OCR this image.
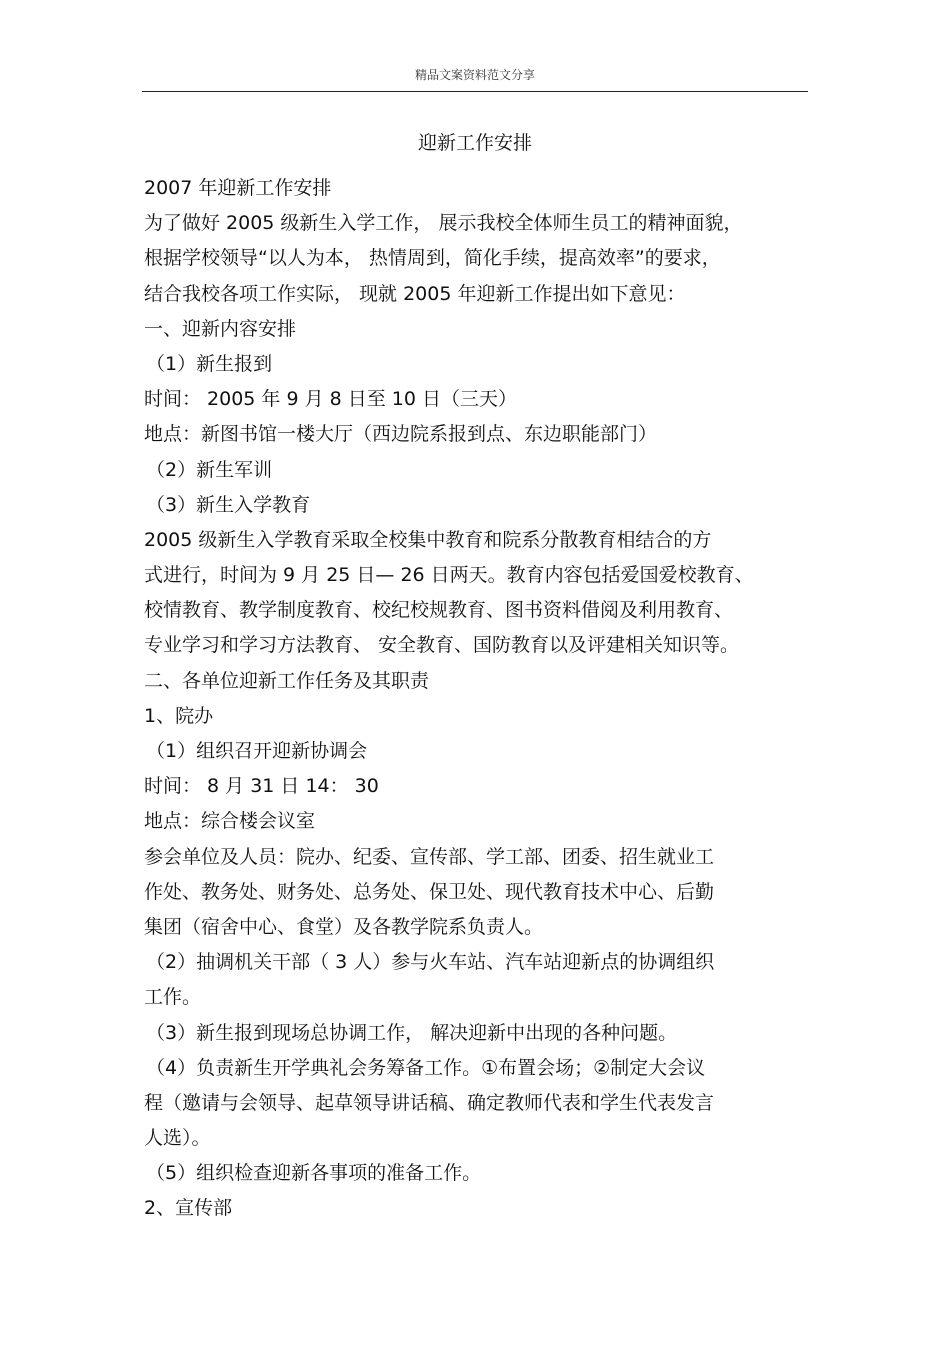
精品文案资料范文分享
迎新工作安排
2007 年迎新工作安排
为了做好 2005 级新生入学工作， 展示我校全体师生员工的精神面貌，
根据学校领导“以人为本， 热情周到，简化手续，提高效率”的要求，
结合我校各项工作实际， 现就 2005 年迎新工作提出如下意见：
一、迎新内容安排
（1）新生报到
时间： 2005 年 9 月 8 日至 10 日（三天）
地点：新图书馆一楼大厅（西边院系报到点、东边职能部门）
（2）新生军训
（3）新生入学教育
2005 级新生入学教育采取全校集中教育和院系分散教育相结合的方
式进行，时间为 9 月 25 日— 26 日两天。教育内容包括爱国爱校教育、
校情教育、教学制度教育、校纪校规教育、图书资料借阅及利用教育、
专业学习和学习方法教育、 安全教育、国防教育以及评建相关知识等。
二、各单位迎新工作任务及其职责
1、院办
（1）组织召开迎新协调会
时间： 8 月 31 日 14： 30
地点：综合楼会议室
参会单位及人员：院办、纪委、宣传部、学工部、团委、招生就业工
作处、教务处、财务处、总务处、保卫处、现代教育技术中心、后勤
集团（宿舍中心、食堂）及各教学院系负责人。
（2）抽调机关干部（ 3 人）参与火车站、汽车站迎新点的协调组织
工作。
（3）新生报到现场总协调工作， 解决迎新中出现的各种问题。
（4）负责新生开学典礼会务筹备工作。①布置会场；②制定大会议
程（邀请与会领导、起草领导讲话稿、确定教师代表和学生代表发言
人选）。
（5）组织检查迎新各事项的准备工作。
2、宣传部
